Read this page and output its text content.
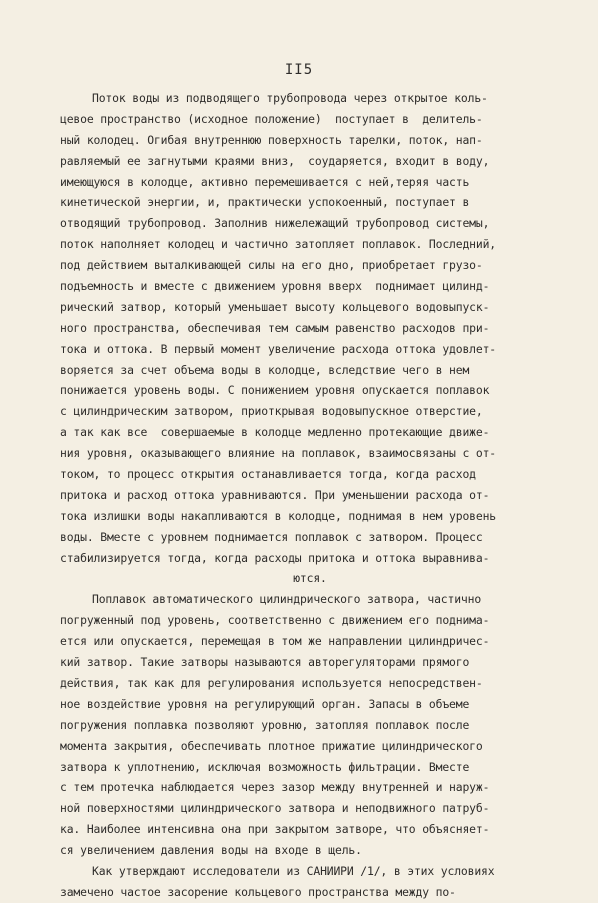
II5
Поток воды из подводящего трубопровода через открытое коль-
цевое пространство (исходное положение)  поступает в  делитель-
ный колодец. Огибая внутреннюю поверхность тарелки, поток, нап-
равляемый ее загнутыми краями вниз,  соударяется, входит в воду,
имеющуюся в колодце, активно перемешивается с ней,теряя часть
кинетической энергии, и, практически успокоенный, поступает в
отводящий трубопровод. Заполнив нижележащий трубопровод системы,
поток наполняет колодец и частично затопляет поплавок. Последний,
под действием выталкивающей силы на его дно, приобретает грузо-
подъемность и вместе с движением уровня вверх  поднимает цилинд-
рический затвор, который уменьшает высоту кольцевого водовыпуск-
ного пространства, обеспечивая тем самым равенство расходов при-
тока и оттока. В первый момент увеличение расхода оттока удовлет-
воряется за счет объема воды в колодце, вследствие чего в нем
понижается уровень воды. С понижением уровня опускается поплавок
с цилиндрическим затвором, приоткрывая водовыпускное отверстие,
а так как все  совершаемые в колодце медленно протекающие движе-
ния уровня, оказывающего влияние на поплавок, взаимосвязаны с от-
током, то процесс открытия останавливается тогда, когда расход
притока и расход оттока уравниваются. При уменьшении расхода от-
тока излишки воды накапливаются в колодце, поднимая в нем уровень
воды. Вместе с уровнем поднимается поплавок с затвором. Процесс
стабилизируется тогда, когда расходы притока и оттока выравнива-
ются.
Поплавок автоматического цилиндрического затвора, частично
погруженный под уровень, соответственно с движением его поднима-
ется или опускается, перемещая в том же направлении цилиндричес-
кий затвор. Такие затворы называются авторегуляторами прямого
действия, так как для регулирования используется непосредствен-
ное воздействие уровня на регулирующий орган. Запасы в объеме
погружения поплавка позволяют уровню, затопляя поплавок после
момента закрытия, обеспечивать плотное прижатие цилиндрического
затвора к уплотнению, исключая возможность фильтрации. Вместе
с тем протечка наблюдается через зазор между внутренней и наруж-
ной поверхностями цилиндрического затвора и неподвижного патруб-
ка. Наиболее интенсивна она при закрытом затворе, что объясняет-
ся увеличением давления воды на входе в щель.
Как утверждают исследователи из САНИИРИ /1/, в этих условиях
замечено частое засорение кольцевого пространства между по-
